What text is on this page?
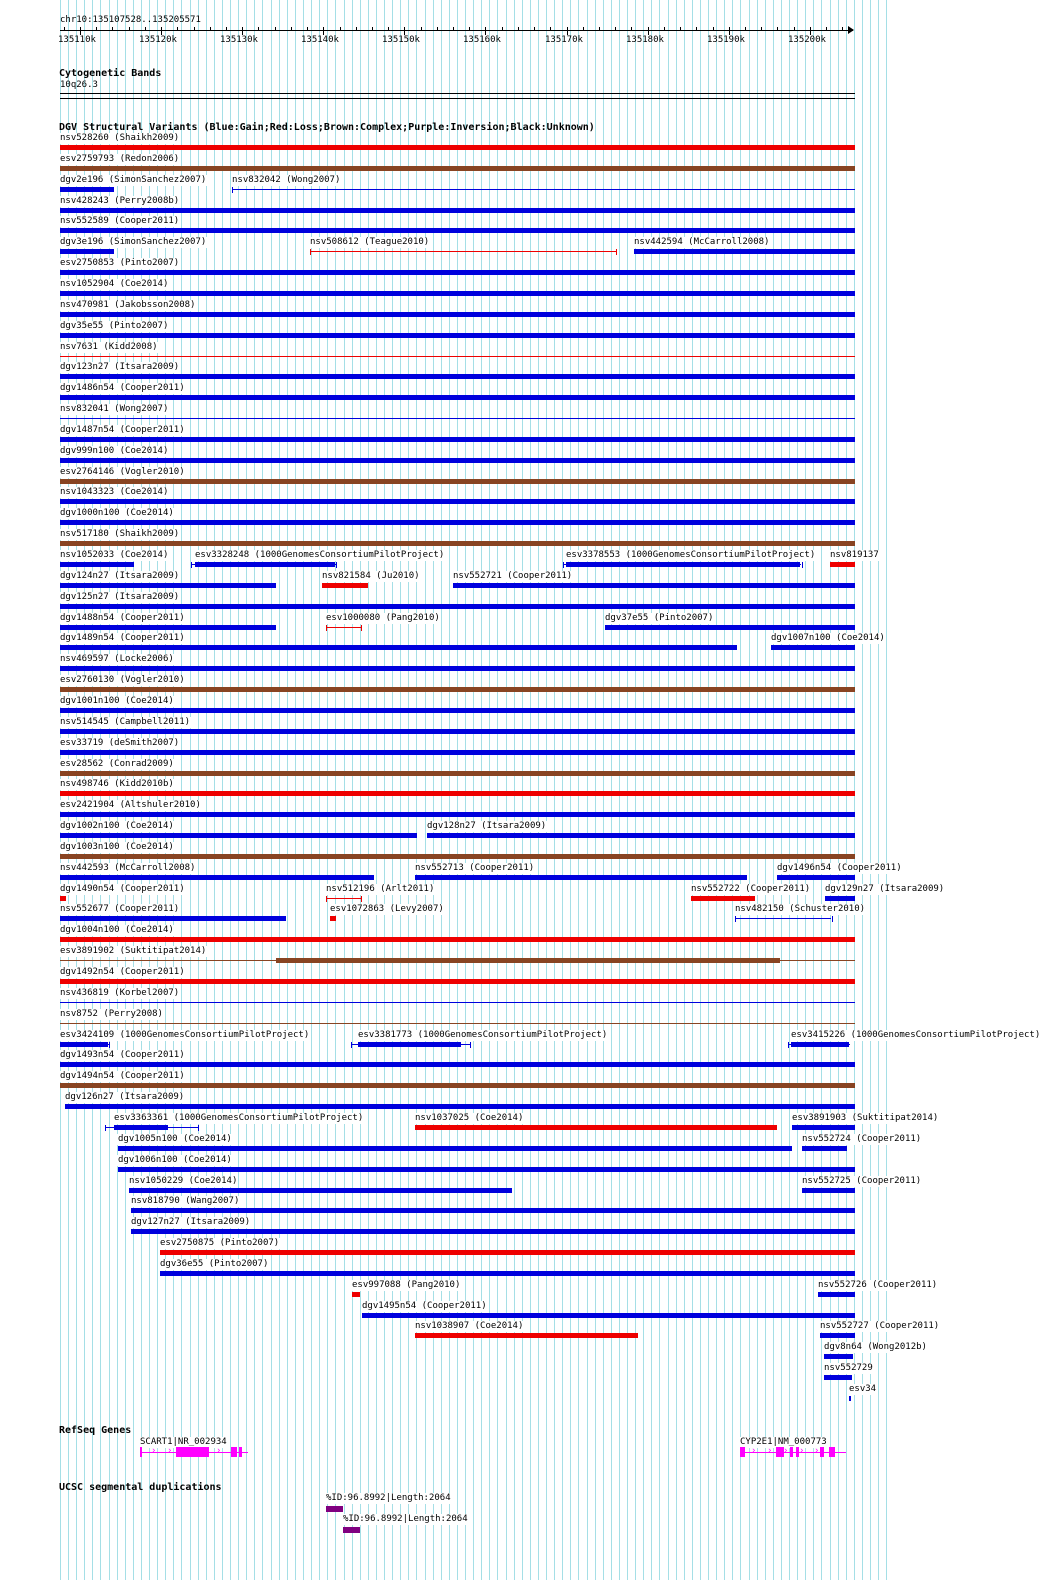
chr10:135107528..135205571
135110k	135120k	135130k	135140k	135150k	135160k	135170k	135180k	135190k	135200k
Cytogenetic Bands
10q26.3
DGV Structural Variants (Blue:Gain;Red:Loss;Brown:Complex;Purple:Inversion;Black:Unknown)
nsv528260 (Shaikh2009)
esv2759793 (Redon2006)
dgv2e196 (SimonSanchez2007)	nsv832042 (Wong2007)
nsv428243 (Perry2008b)
nsv552589 (Cooper2011)
dgv3e196 (SimonSanchez2007)	nsv508612 (Teague2010)	nsv442594 (McCarroll2008)
esv2750853 (Pinto2007)
nsv1052904 (Coe2014)
nsv470981 (Jakobsson2008)
dgv35e55 (Pinto2007)
nsv7631 (Kidd2008)
dgv123n27 (Itsara2009)
dgv1486n54 (Cooper2011)
nsv832041 (Wong2007)
dgv1487n54 (Cooper2011)
dgv999n100 (Coe2014)
esv2764146 (Vogler2010)
nsv1043323 (Coe2014)
dgv1000n100 (Coe2014)
nsv517180 (Shaikh2009)
nsv1052033 (Coe2014)	esv3328248 (1000GenomesConsortiumPilotProject)	esv3378553 (1000GenomesConsortiumPilotProject) nsv819137
dgv124n27 (Itsara2009)	nsv821584 (Ju2010)	nsv552721 (Cooper2011)
dgv125n27 (Itsara2009)
dgv1488n54 (Cooper2011)	esv1000080 (Pang2010)	dgv37e55 (Pinto2007)
dgv1489n54 (Cooper2011)	dgv1007n100 (Coe2014)
nsv469597 (Locke2006)
esv2760130 (Vogler2010)
dgv1001n100 (Coe2014)
nsv514545 (Campbell2011)
esv33719 (deSmith2007)
esv28562 (Conrad2009)
nsv498746 (Kidd2010b)
esv2421904 (Altshuler2010)
dgv1002n100 (Coe2014)	dgv128n27 (Itsara2009)
dgv1003n100 (Coe2014)
nsv442593 (McCarroll2008)	nsv552713 (Cooper2011)	dgv1496n54 (Cooper2011)
dgv1490n54 (Cooper2011)	nsv512196 (Arlt2011)	nsv552722 (Cooper2011) dgv129n27 (Itsara2009)
nsv552677 (Cooper2011)	esv1072863 (Levy2007)	nsv482150 (Schuster2010)
dgv1004n100 (Coe2014)
esv3891902 (Suktitipat2014)
dgv1492n54 (Cooper2011)
nsv436819 (Korbel2007)
nsv8752 (Perry2008)
esv3424109 (1000GenomesConsortiumPilotProject)	esv3381773 (1000GenomesConsortiumPilotProject)	esv3415226 (1000GenomesConsortiumPilotProject)
dgv1493n54 (Cooper2011)
dgv1494n54 (Cooper2011)
dgv126n27 (Itsara2009)
esv3363361 (1000GenomesConsortiumPilotProject)	nsv1037025 (Coe2014)	esv3891903 (Suktitipat2014)
dgv1005n100 (Coe2014)	nsv552724 (Cooper2011)
dgv1006n100 (Coe2014)
nsv1050229 (Coe2014)	nsv552725 (Cooper2011)
nsv818790 (Wang2007)
dgv127n27 (Itsara2009)
esv2750875 (Pinto2007)
dgv36e55 (Pinto2007)
esv997088 (Pang2010)	nsv552726 (Cooper2011)
dgv1495n54 (Cooper2011)
nsv1038907 (Coe2014)	nsv552727 (Cooper2011)
dgv8n64 (Wong2012b)
nsv552729
esv34
RefSeq Genes
SCART1|NR_002934
› › › › › ›
CYP2E1|NM_000773
› › › › › ›
UCSC segmental duplications
%ID:96.8992|Length:2064
%ID:96.8992|Length:2064
